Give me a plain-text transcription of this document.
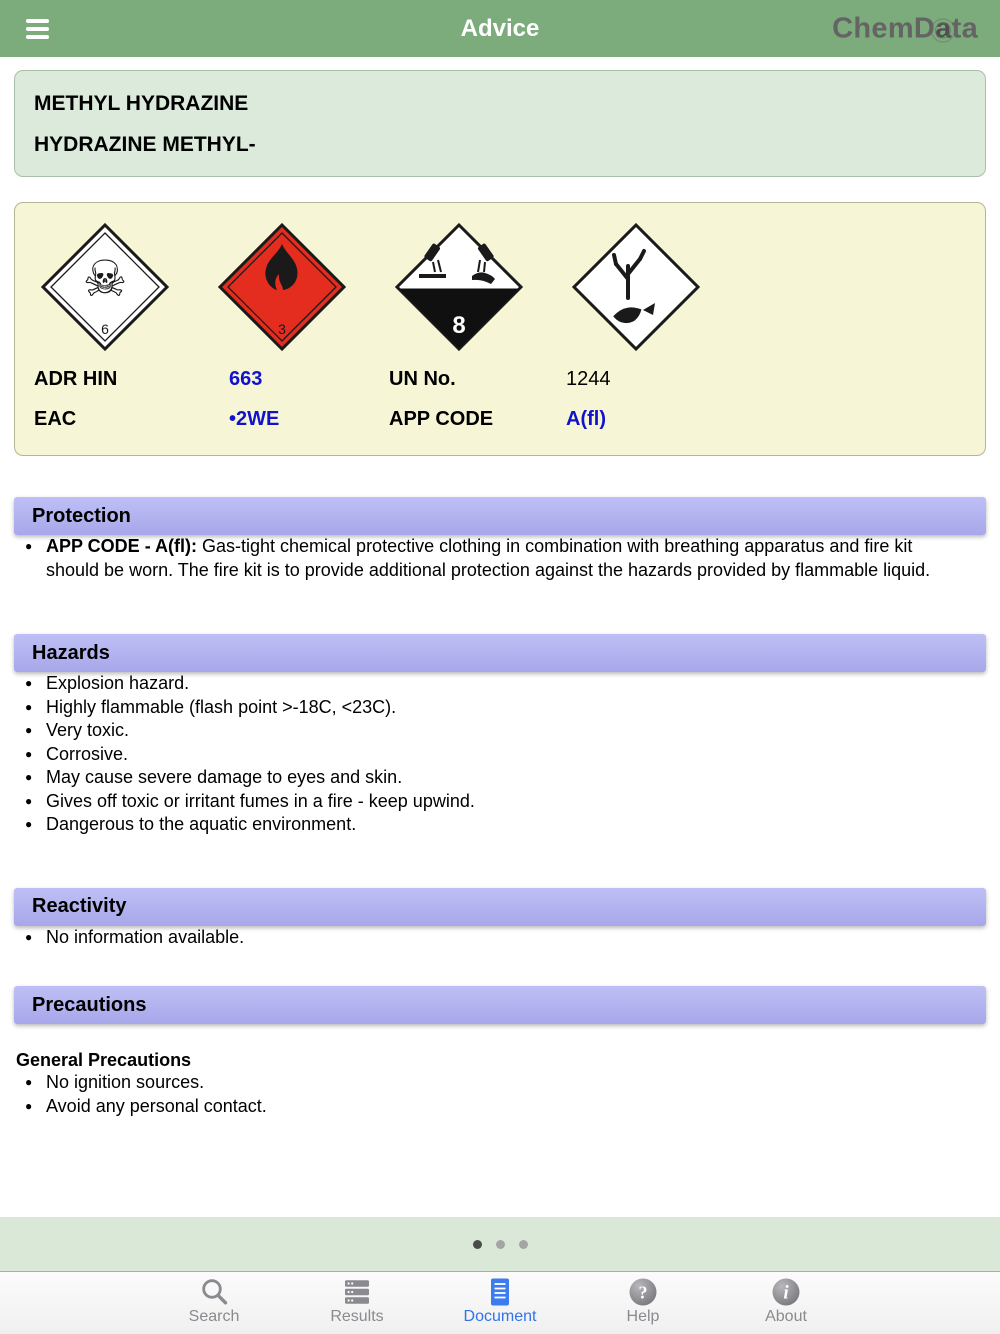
Advice	ChemD
ata
METHYL HYDRAZINE
HYDRAZINE METHYL-
☠
6	3	8
ADR HIN	663	UN No.	1244
EAC	•2WE	APP CODE	A(fl)
Protection
● APP CODE - A(fl): Gas-tight chemical protective clothing in combination with breathing apparatus and fire kit should be worn. The fire kit is to provide additional protection against the hazards provided by flammable liquid.
Hazards
● Explosion hazard.
● Highly flammable (flash point >-18C, <23C).
● Very toxic.
● Corrosive.
● May cause severe damage to eyes and skin.
● Gives off toxic or irritant fumes in a fire - keep upwind.
● Dangerous to the aquatic environment.
Reactivity
● No information available.
Precautions
General Precautions
● No ignition sources.
● Avoid any personal contact.
Search	Results	Document
?
Help
i
About
